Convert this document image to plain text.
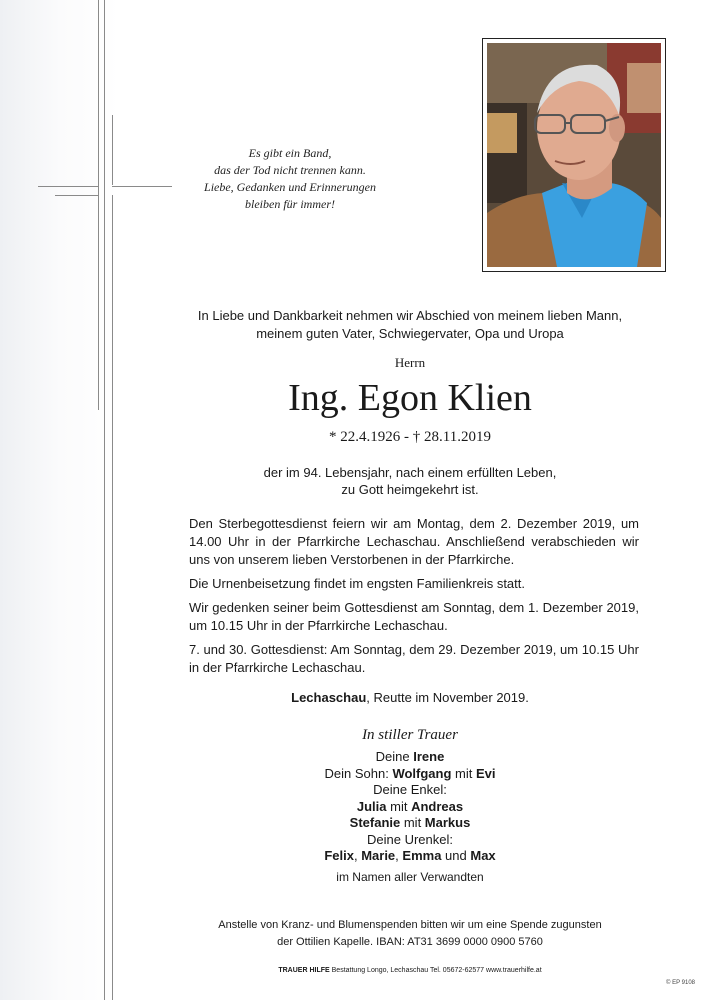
Es gibt ein Band,
das der Tod nicht trennen kann.
Liebe, Gedanken und Erinnerungen
bleiben für immer!
In Liebe und Dankbarkeit nehmen wir Abschied von meinem lieben Mann,
meinem guten Vater, Schwiegervater, Opa und Uropa
Herrn
Ing. Egon Klien
* 22.4.1926 - † 28.11.2019
der im 94. Lebensjahr, nach einem erfüllten Leben,
zu Gott heimgekehrt ist.

Den Sterbegottesdienst feiern wir am Montag, dem 2. Dezember 2019, um 14.00 Uhr in der Pfarrkirche Lechaschau. Anschließend verabschieden wir uns von unserem lieben Verstorbenen in der Pfarrkirche.

Die Urnenbeisetzung findet im engsten Familienkreis statt.

Wir gedenken seiner beim Gottesdienst am Sonntag, dem 1. Dezember 2019, um 10.15 Uhr in der Pfarrkirche Lechaschau.

7. und 30. Gottesdienst: Am Sonntag, dem 29. Dezember 2019, um 10.15 Uhr in der Pfarrkirche Lechaschau.

Lechaschau, Reutte im November 2019.
In stiller Trauer
Deine Irene
Dein Sohn: Wolfgang mit Evi
Deine Enkel:
Julia mit Andreas
Stefanie mit Markus
Deine Urenkel:
Felix, Marie, Emma und Max
im Namen aller Verwandten
Anstelle von Kranz- und Blumenspenden bitten wir um eine Spende zugunsten
der Ottilien Kapelle. IBAN: AT31 3699 0000 0900 5760
TRAUER HILFE Bestattung Longo, Lechaschau Tel. 05672-62577 www.trauerhilfe.at
© EP 9108
